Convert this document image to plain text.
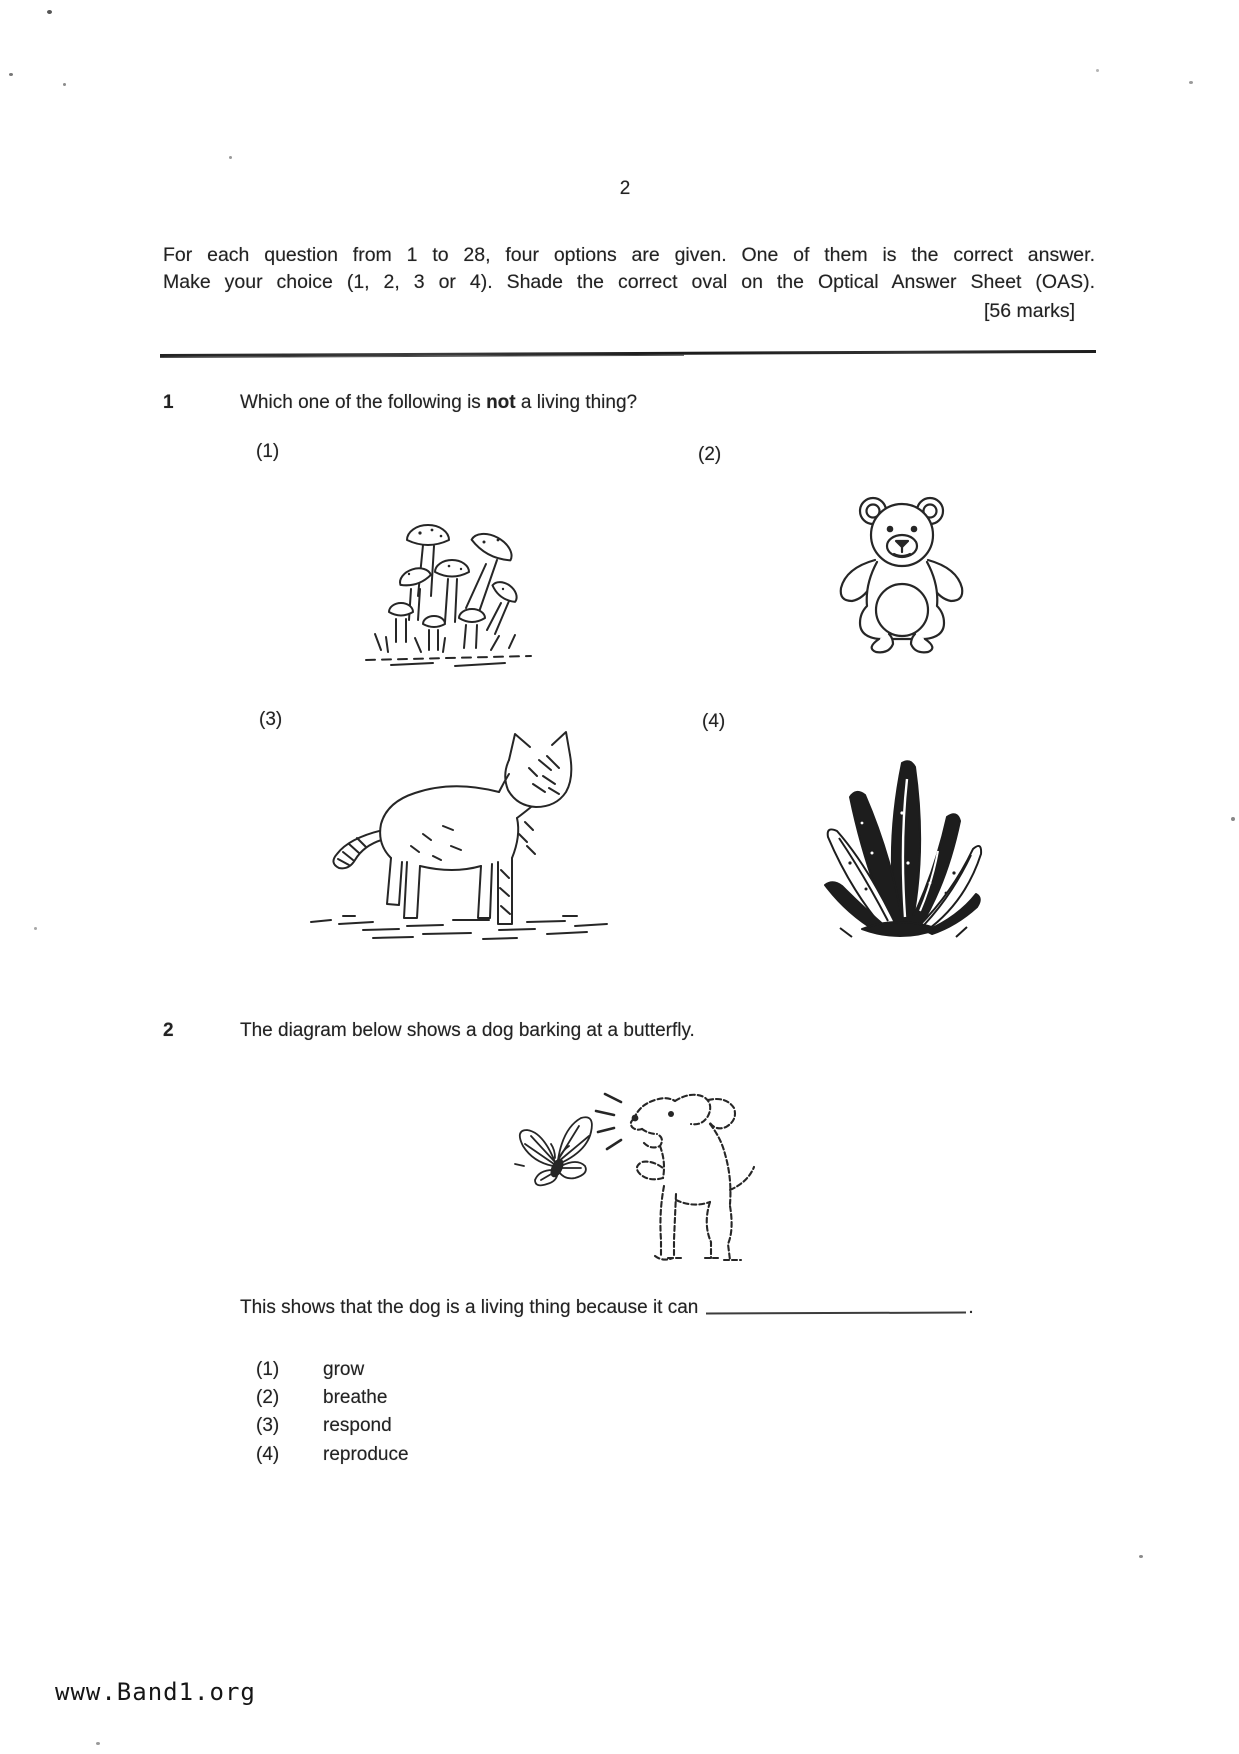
2
For each question from 1 to 28, four options are given. One of them is the correct answer.
Make your choice (1, 2, 3 or 4). Shade the correct oval on the Optical Answer Sheet (OAS).
[56 marks]
1	Which one of the following is not a living thing?
(1)	(2)
(3)	(4)
2	The diagram below shows a dog barking at a butterfly.
This shows that the dog is a living thing because it can	.
(1) grow
(2) breathe
(3) respond
(4) reproduce
www.Band1.org
